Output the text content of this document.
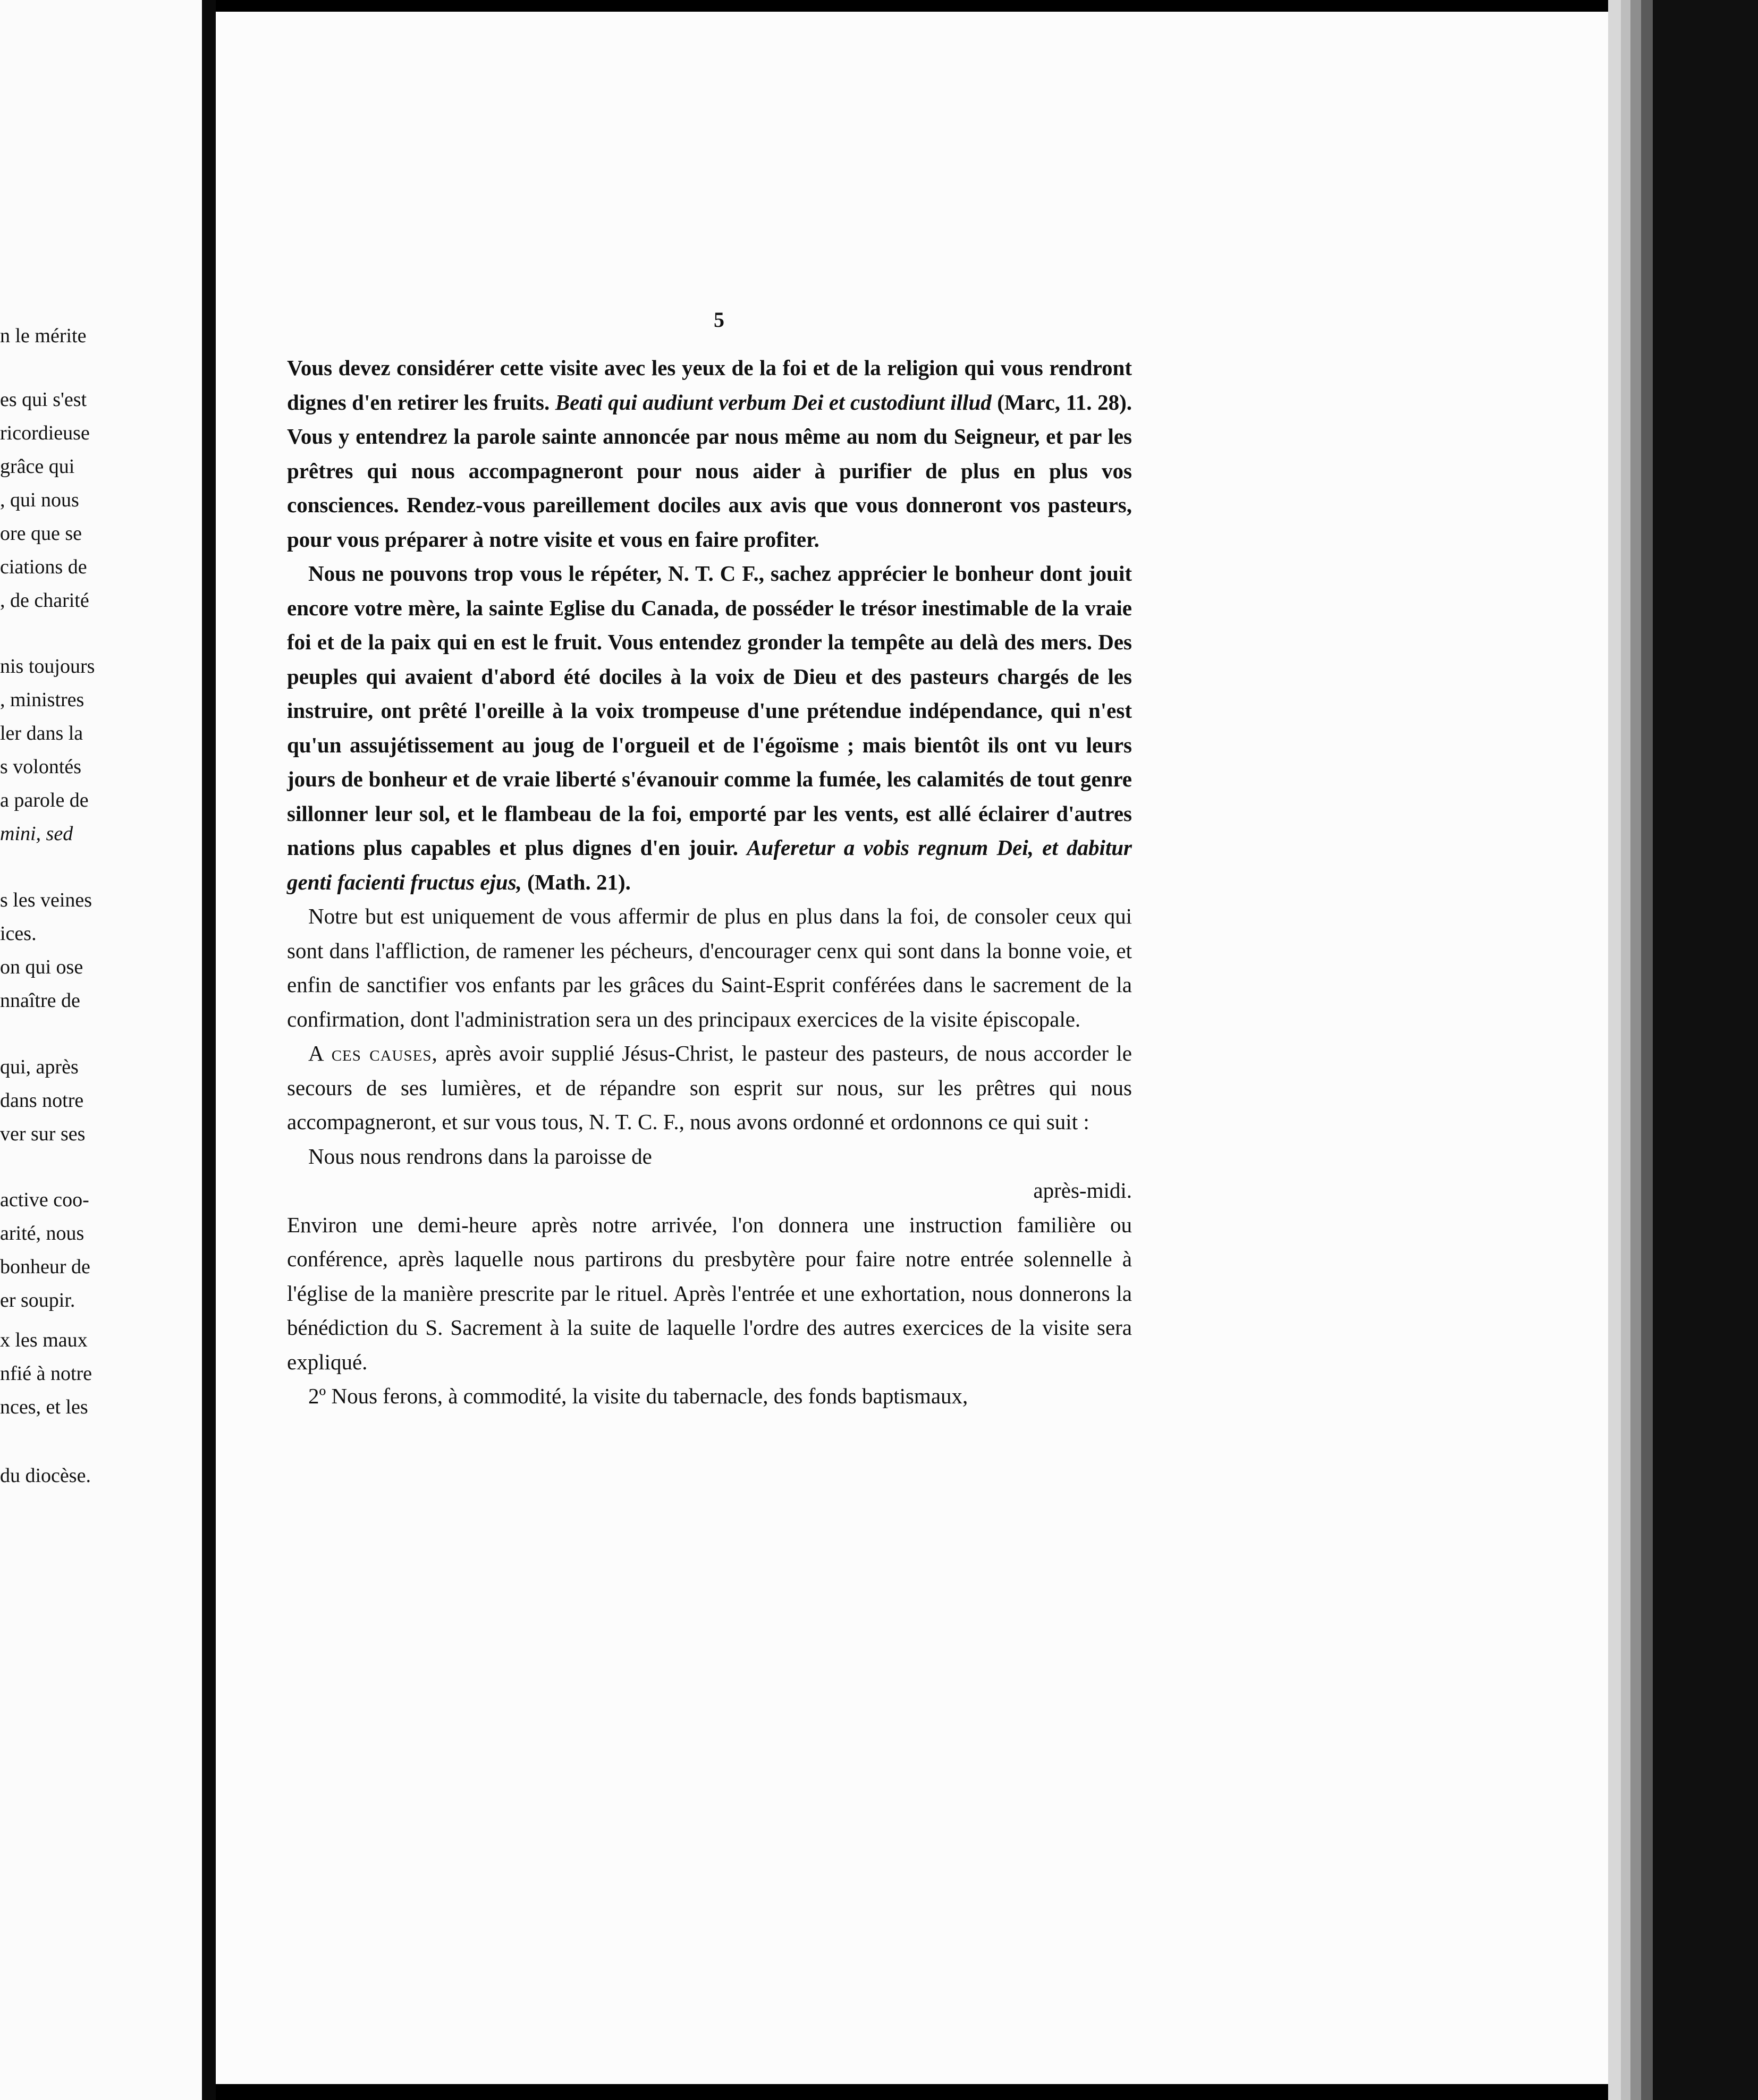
n le mérite
es qui s'est
ricordieuse
grâce qui
, qui nous
ore que se
ciations de
, de charité
nis toujours
, ministres
ler dans la
s volontés
a parole de
mini, sed
s les veines
ices.
on qui ose
nnaître de
qui, après
dans notre
ver sur ses
active coo-
arité, nous
bonheur de
er soupir.
x les maux
nfié à notre
nces, et les
du diocèse.
5

Vous devez considérer cette visite avec les yeux de la foi et de la religion qui vous rendront dignes d'en retirer les fruits. Beati qui audiunt verbum Dei et custodiunt illud (Marc, 11. 28). Vous y entendrez la parole sainte annoncée par nous même au nom du Seigneur, et par les prêtres qui nous accompagneront pour nous aider à purifier de plus en plus vos consciences. Rendez-vous pareillement dociles aux avis que vous donneront vos pasteurs, pour vous préparer à notre visite et vous en faire profiter.

Nous ne pouvons trop vous le répéter, N. T. C F., sachez apprécier le bonheur dont jouit encore votre mère, la sainte Eglise du Canada, de posséder le trésor inestimable de la vraie foi et de la paix qui en est le fruit. Vous entendez gronder la tempête au delà des mers. Des peuples qui avaient d'abord été dociles à la voix de Dieu et des pasteurs chargés de les instruire, ont prêté l'oreille à la voix trompeuse d'une prétendue indépendance, qui n'est qu'un assujétissement au joug de l'orgueil et de l'égoïsme ; mais bientôt ils ont vu leurs jours de bonheur et de vraie liberté s'évanouir comme la fumée, les calamités de tout genre sillonner leur sol, et le flambeau de la foi, emporté par les vents, est allé éclairer d'autres nations plus capables et plus dignes d'en jouir. Auferetur a vobis regnum Dei, et dabitur genti facienti fructus ejus, (Math. 21).

Notre but est uniquement de vous affermir de plus en plus dans la foi, de consoler ceux qui sont dans l'affliction, de ramener les pécheurs, d'encourager cenx qui sont dans la bonne voie, et enfin de sanctifier vos enfants par les grâces du Saint-Esprit conférées dans le sacrement de la confirmation, dont l'administration sera un des principaux exercices de la visite épiscopale.

A ces causes, après avoir supplié Jésus-Christ, le pasteur des pasteurs, de nous accorder le secours de ses lumières, et de répandre son esprit sur nous, sur les prêtres qui nous accompagneront, et sur vous tous, N. T. C. F., nous avons ordonné et ordonnons ce qui suit :

Nous nous rendrons dans la paroisse de

après-midi.

Environ une demi-heure après notre arrivée, l'on donnera une instruction familière ou conférence, après laquelle nous partirons du presbytère pour faire notre entrée solennelle à l'église de la manière prescrite par le rituel. Après l'entrée et une exhortation, nous donnerons la bénédiction du S. Sacrement à la suite de laquelle l'ordre des autres exercices de la visite sera expliqué.

2º Nous ferons, à commodité, la visite du tabernacle, des fonds baptismaux,
